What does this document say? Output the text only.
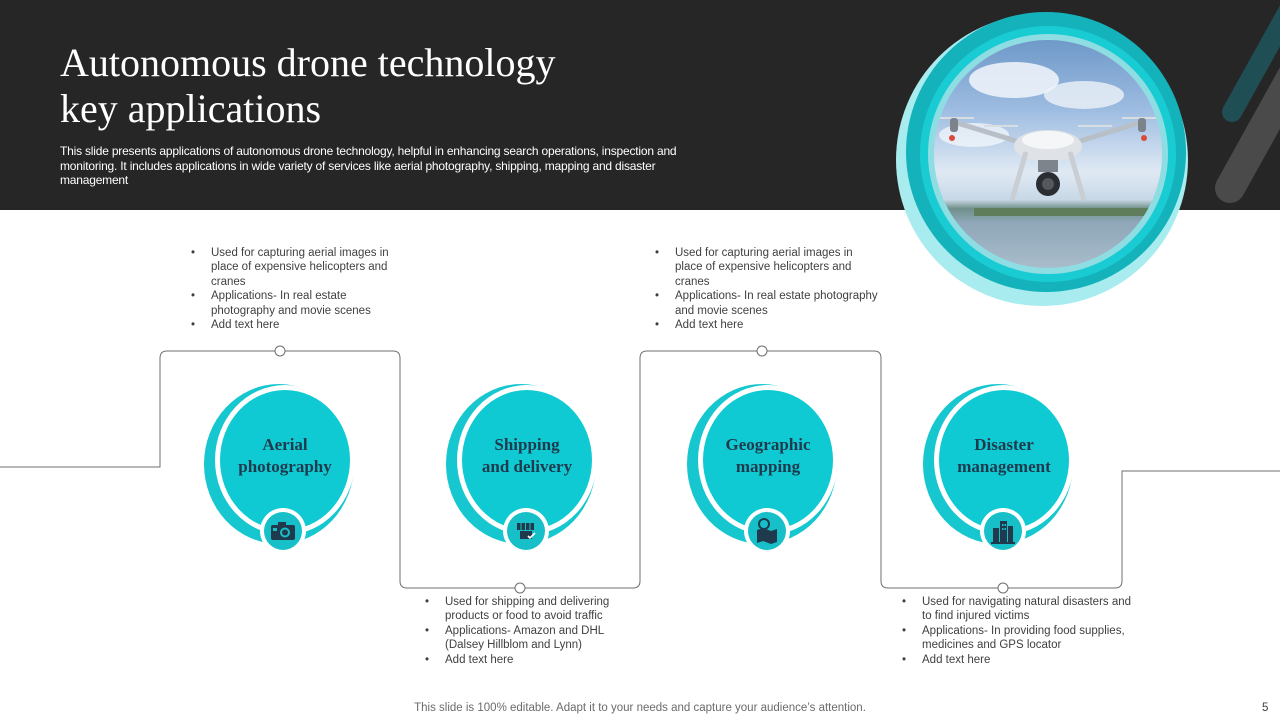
Autonomous drone technology
key applications
This slide presents applications of autonomous drone technology, helpful in enhancing search operations, inspection and monitoring. It includes applications in wide variety of services like aerial photography, shipping, mapping and disaster management
Aerial
photography
Shipping
and delivery
Geographic
mapping
Disaster
management
• Used for capturing aerial images in place of expensive helicopters and cranes
• Applications- In real estate photography and movie scenes
• Add text here
• Used for shipping and delivering products or food to avoid traffic
• Applications- Amazon and DHL (Dalsey Hillblom and Lynn)
• Add text here
• Used for capturing aerial images in place of expensive helicopters and cranes
• Applications- In real estate photography and movie scenes
• Add text here
• Used for navigating natural disasters and to find injured victims
• Applications- In providing food supplies, medicines and GPS locator
• Add text here
This slide is 100% editable. Adapt it to your needs and capture your audience’s attention.	5
